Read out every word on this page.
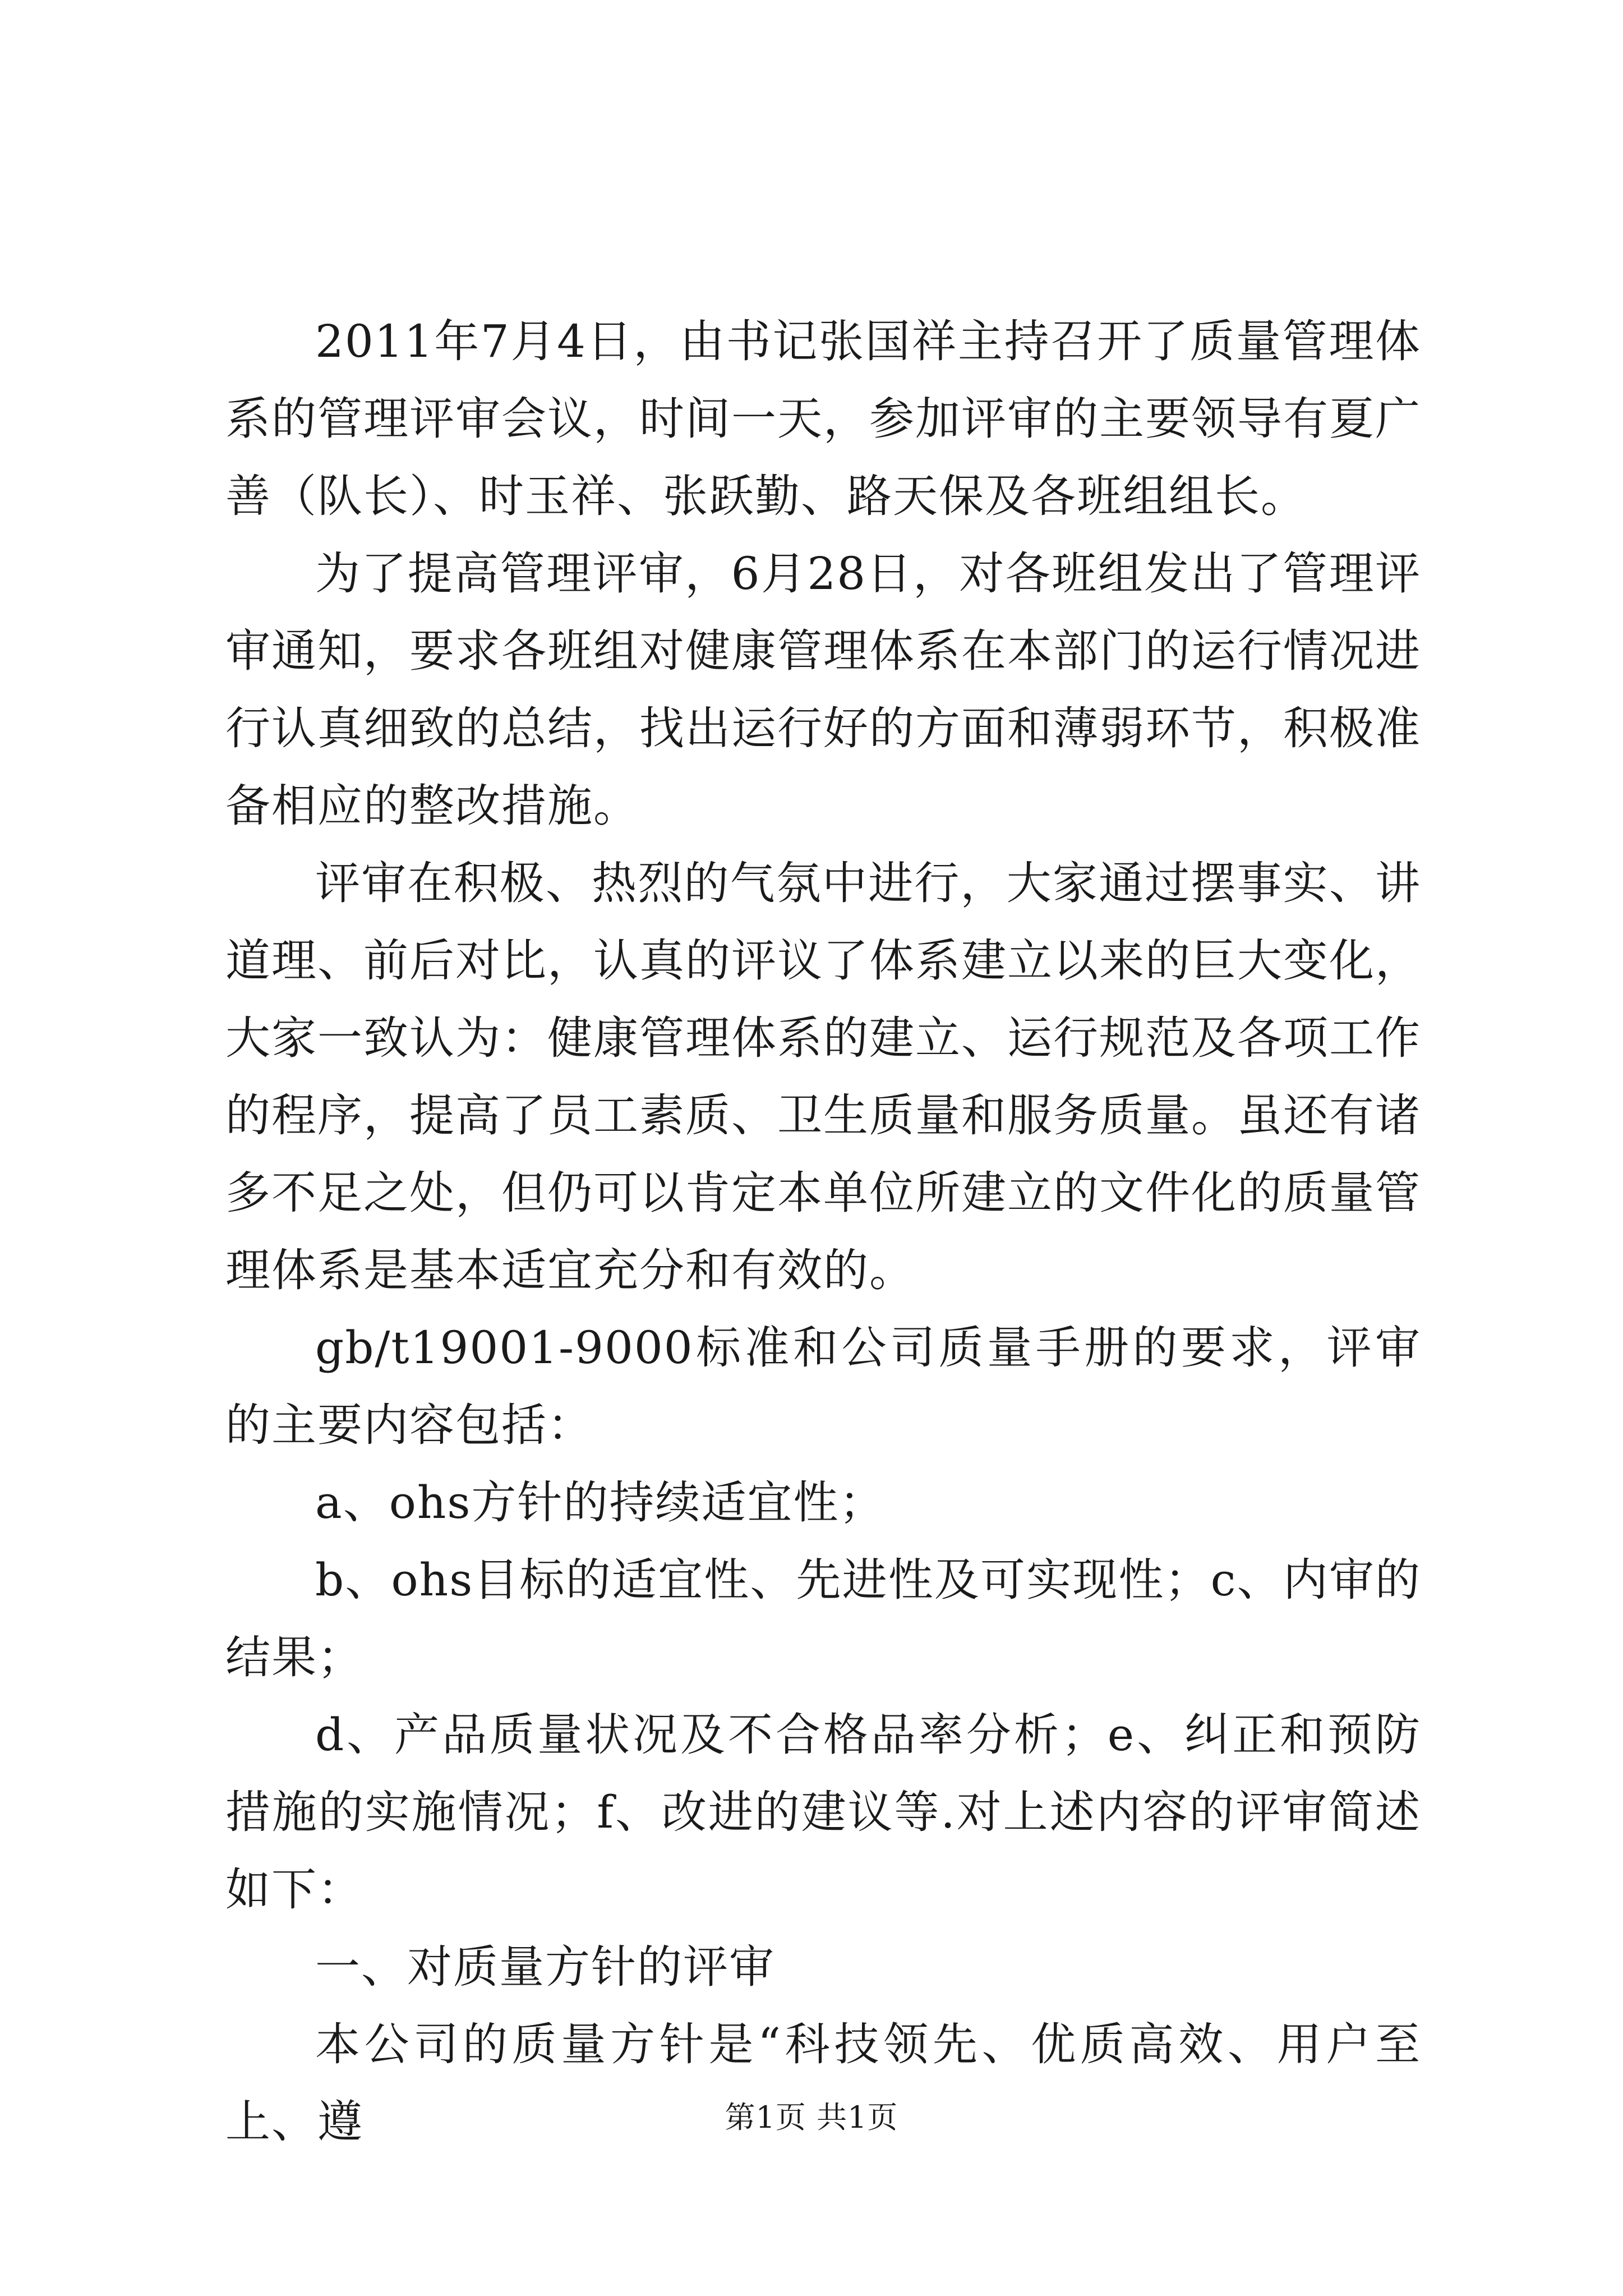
2011年7月4日，由书记张国祥主持召开了质量管理体系的管理评审会议，时间一天，参加评审的主要领导有夏广善（队长）、时玉祥、张跃勤、路天保及各班组组长。

为了提高管理评审，6月28日，对各班组发出了管理评审通知，要求各班组对健康管理体系在本部门的运行情况进行认真细致的总结，找出运行好的方面和薄弱环节，积极准备相应的整改措施。

评审在积极、热烈的气氛中进行，大家通过摆事实、讲道理、前后对比，认真的评议了体系建立以来的巨大变化，大家一致认为：健康管理体系的建立、运行规范及各项工作的程序，提高了员工素质、卫生质量和服务质量。虽还有诸多不足之处，但仍可以肯定本单位所建立的文件化的质量管理体系是基本适宜充分和有效的。

gb/t19001-9000标准和公司质量手册的要求，评审的主要内容包括：

a、ohs方针的持续适宜性；

b、ohs目标的适宜性、先进性及可实现性；c、内审的结果；

d、产品质量状况及不合格品率分析；e、纠正和预防措施的实施情况；f、改进的建议等.对上述内容的评审简述如下：

一、对质量方针的评审

本公司的质量方针是“科技领先、优质高效、用户至上、遵	第1页 共1页
